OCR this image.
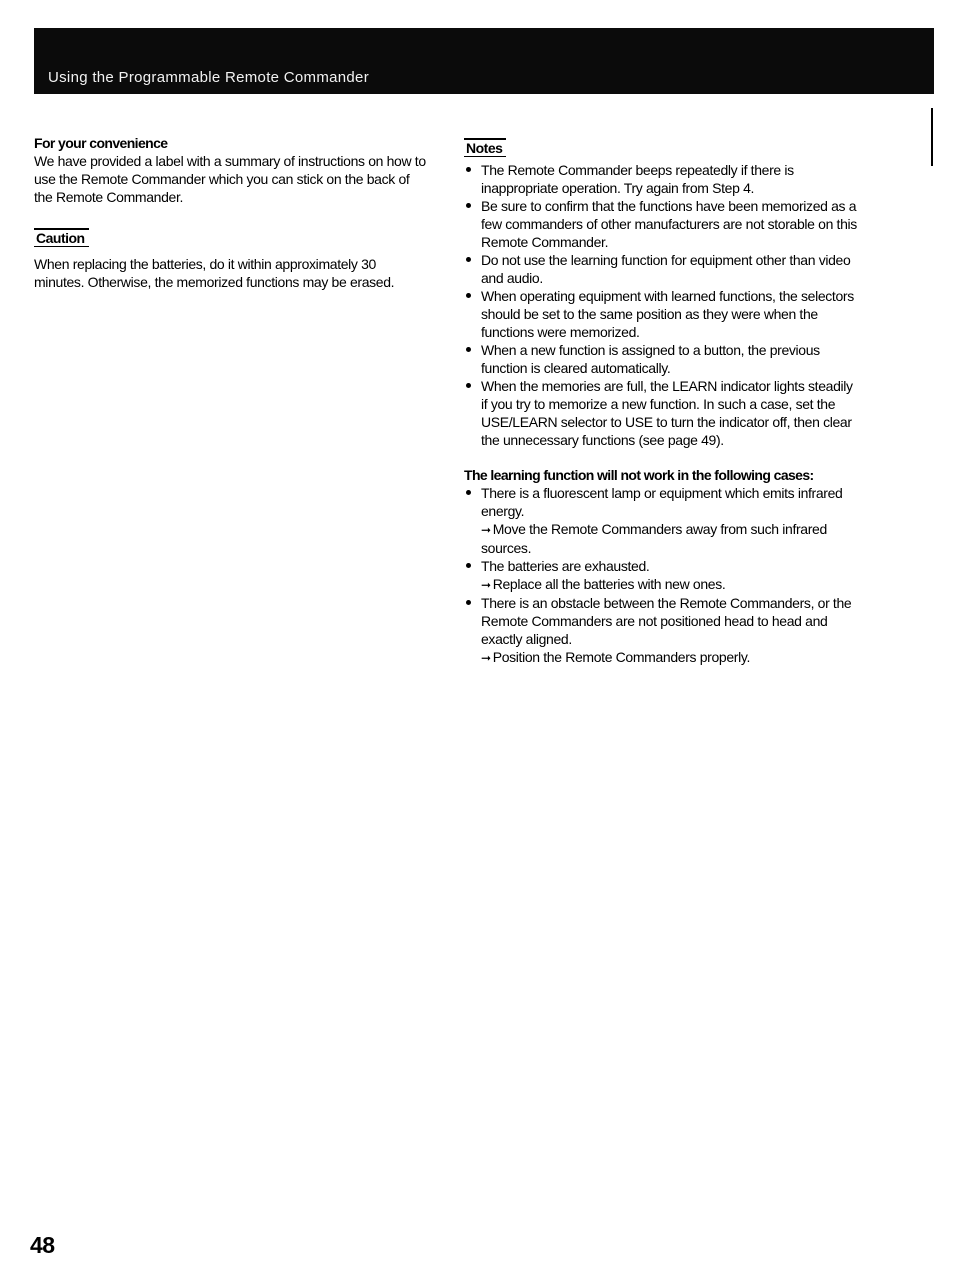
Using the Programmable Remote Commander

For your convenience

We have provided a label with a summary of instructions on how to use the Remote Commander which you can stick on the back of the Remote Commander.

Caution

When replacing the batteries, do it within approximately 30 minutes. Otherwise, the memorized functions may be erased.

Notes
The Remote Commander beeps repeatedly if there is inappropriate operation. Try again from Step 4.
Be sure to confirm that the functions have been memorized as a few commanders of other manufacturers are not storable on this Remote Commander.
Do not use the learning function for equipment other than video and audio.
When operating equipment with learned functions, the selectors should be set to the same position as they were when the functions were memorized.
When a new function is assigned to a button, the previous function is cleared automatically.
When the memories are full, the LEARN indicator lights steadily if you try to memorize a new function. In such a case, set the USE/LEARN selector to USE to turn the indicator off, then clear the unnecessary functions (see page 49).

The learning function will not work in the following cases:

There is a fluorescent lamp or equipment which emits infrared energy.
➞ Move the Remote Commanders away from such infrared sources.
The batteries are exhausted.
➞ Replace all the batteries with new ones.
There is an obstacle between the Remote Commanders, or the Remote Commanders are not positioned head to head and exactly aligned.
➞ Position the Remote Commanders properly.
48
